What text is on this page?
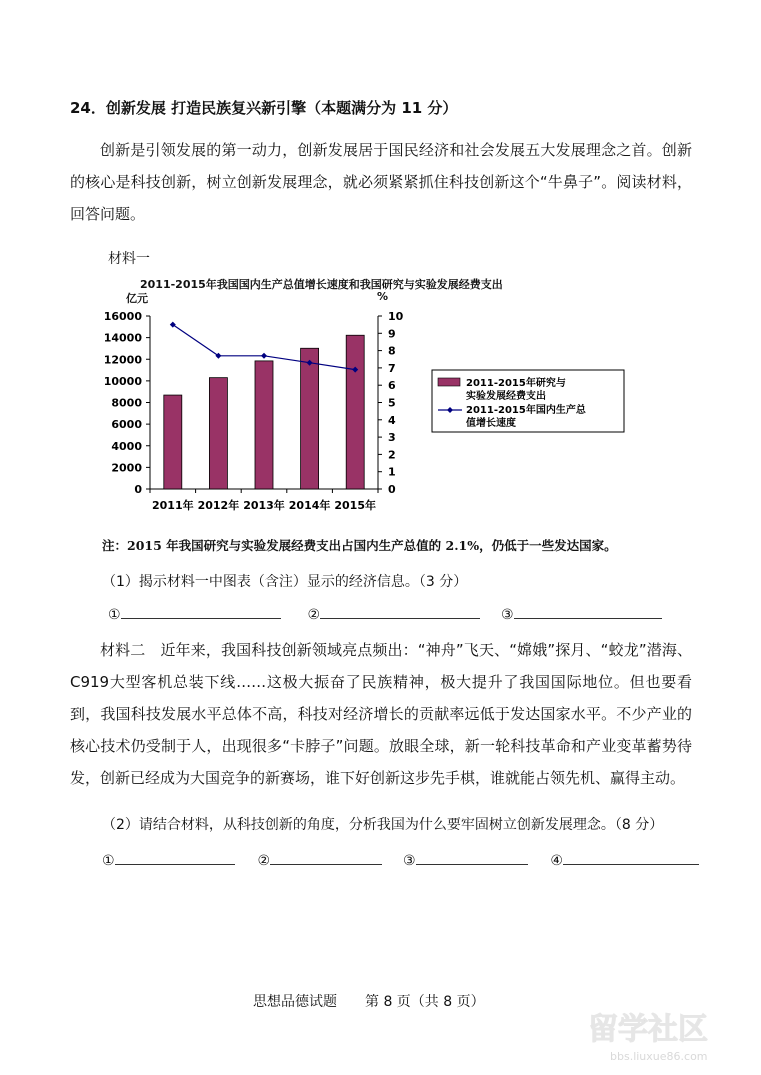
24．创新发展 打造民族复兴新引擎（本题满分为 11 分）

创新是引领发展的第一动力，创新发展居于国民经济和社会发展五大发展理念之首。创新的核心是科技创新，树立创新发展理念，就必须紧紧抓住科技创新这个“牛鼻子”。阅读材料，回答问题。

材料一
2011-2015年我国国内生产总值增长速度和我国研究与实验发展经费支出
亿元	%
0
2000
4000
6000
8000
10000
12000
14000
16000
0
1
2
3
4
5
6
7
8
9
10
2011年 2012年 2013年 2014年 2015年
2011-2015年研究与
实验发展经费支出
2011-2015年国内生产总
值增长速度
注：2015 年我国研究与实验发展经费支出占国内生产总值的 2.1%，仍低于一些发达国家。
（1）揭示材料一中图表（含注）显示的经济信息。（3 分）
①	②	③

材料二　近年来，我国科技创新领域亮点频出：“神舟”飞天、“嫦娥”探月、“蛟龙”潜海、C919大型客机总装下线……这极大振奋了民族精神，极大提升了我国国际地位。但也要看到，我国科技发展水平总体不高，科技对经济增长的贡献率远低于发达国家水平。不少产业的核心技术仍受制于人，出现很多“卡脖子”问题。放眼全球，新一轮科技革命和产业变革蓄势待发，创新已经成为大国竞争的新赛场，谁下好创新这步先手棋，谁就能占领先机、赢得主动。

（2）请结合材料，从科技创新的角度，分析我国为什么要牢固树立创新发展理念。（8 分）
①	②	③	④
思想品德试题　　第 8 页（共 8 页）
留学社区
bbs.liuxue86.com
